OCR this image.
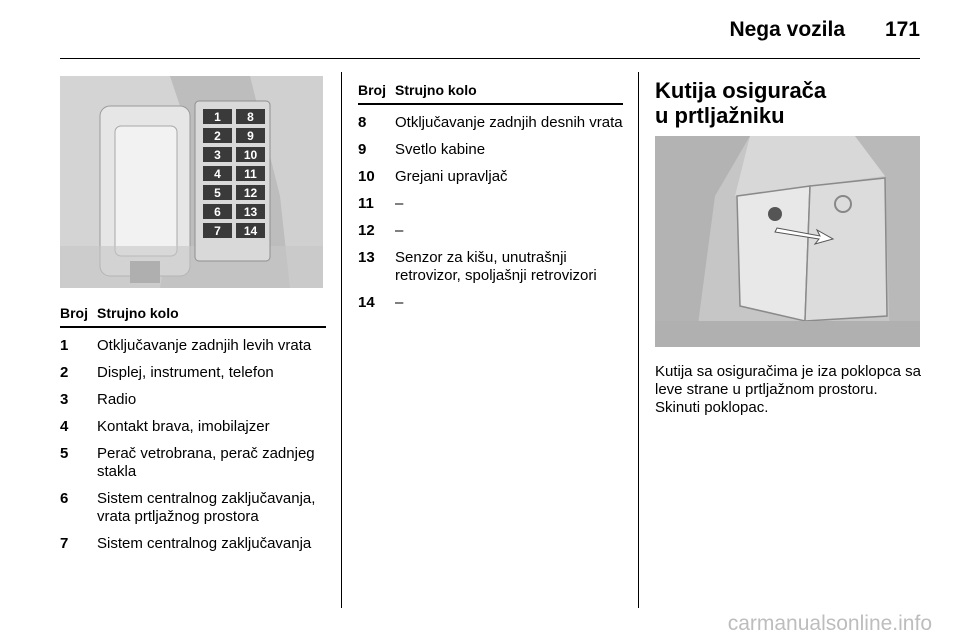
Nega vozila	171
1 8
2 9
3 10
4 11
5 12
6 13
7 14
Broj Strujno kolo
1	Otključavanje zadnjih levih vrata
2	Displej, instrument, telefon
3	Radio
4	Kontakt brava, imobilajzer
5	Perač vetrobrana, perač zadnjeg stakla
6	Sistem centralnog zaključavanja, vrata prtljažnog prostora
7	Sistem centralnog zaključavanja
Broj Strujno kolo
8	Otključavanje zadnjih desnih vrata
9	Svetlo kabine
10	Grejani upravljač
11	–
12	–
13	Senzor za kišu, unutrašnji retrovizor, spoljašnji retrovizori
14	–
Kutija osigurača
u prtljažniku
Kutija sa osiguračima je iza poklopca sa leve strane u prtljažnom prostoru. Skinuti poklopac.
carmanualsonline.info
